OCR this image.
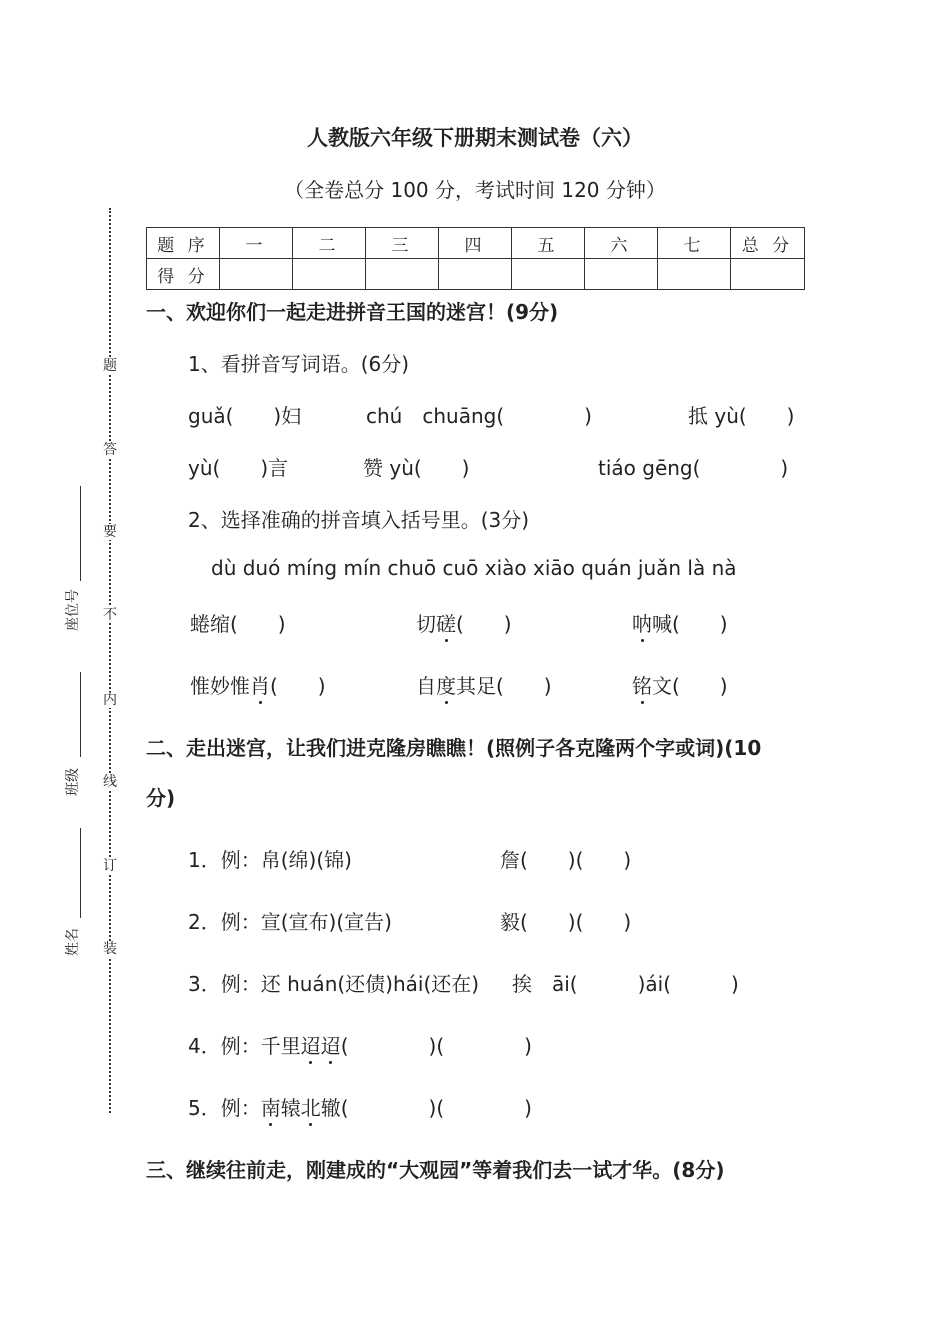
题
答
要
不
内
线
订
装
座位号
班级
姓名
人教版六年级下册期末测试卷（六）
（全卷总分 100 分，考试时间 120 分钟）
题 序	一	二	三	四	五	六	七	总 分
得 分								
一、欢迎你们一起走进拼音王国的迷宫！(9分)
1、看拼音写词语。(6分)
guǎ(　　)妇	chú　chuāng(　　　　)	抵 yù(　　)
yù(　　)言	赞 yù(　　)	tiáo gēng(　　　　)
2、选择准确的拼音填入括号里。(3分)
dù duó míng mín chuō cuō xiào xiāo quán juǎn là nà
蜷缩(　　)	切磋(　　)	呐喊(　　)
惟妙惟肖(　　)	自度其足(　　)	铭文(　　)
二、走出迷宫，让我们进克隆房瞧瞧！(照例子各克隆两个字或词)(10
分)
1．例：帛(绵)(锦)	詹(　　)(　　)
2．例：宣(宣布)(宣告)	毅(　　)(　　)
3．例：还 huán(还债)hái(还在) 挨　āi(　　　)ái(　　　)
4．例：千里迢迢(　　　　)(　　　　)
5．例：南辕北辙(　　　　)(　　　　)
三、继续往前走，刚建成的“大观园”等着我们去一试才华。(8分)
